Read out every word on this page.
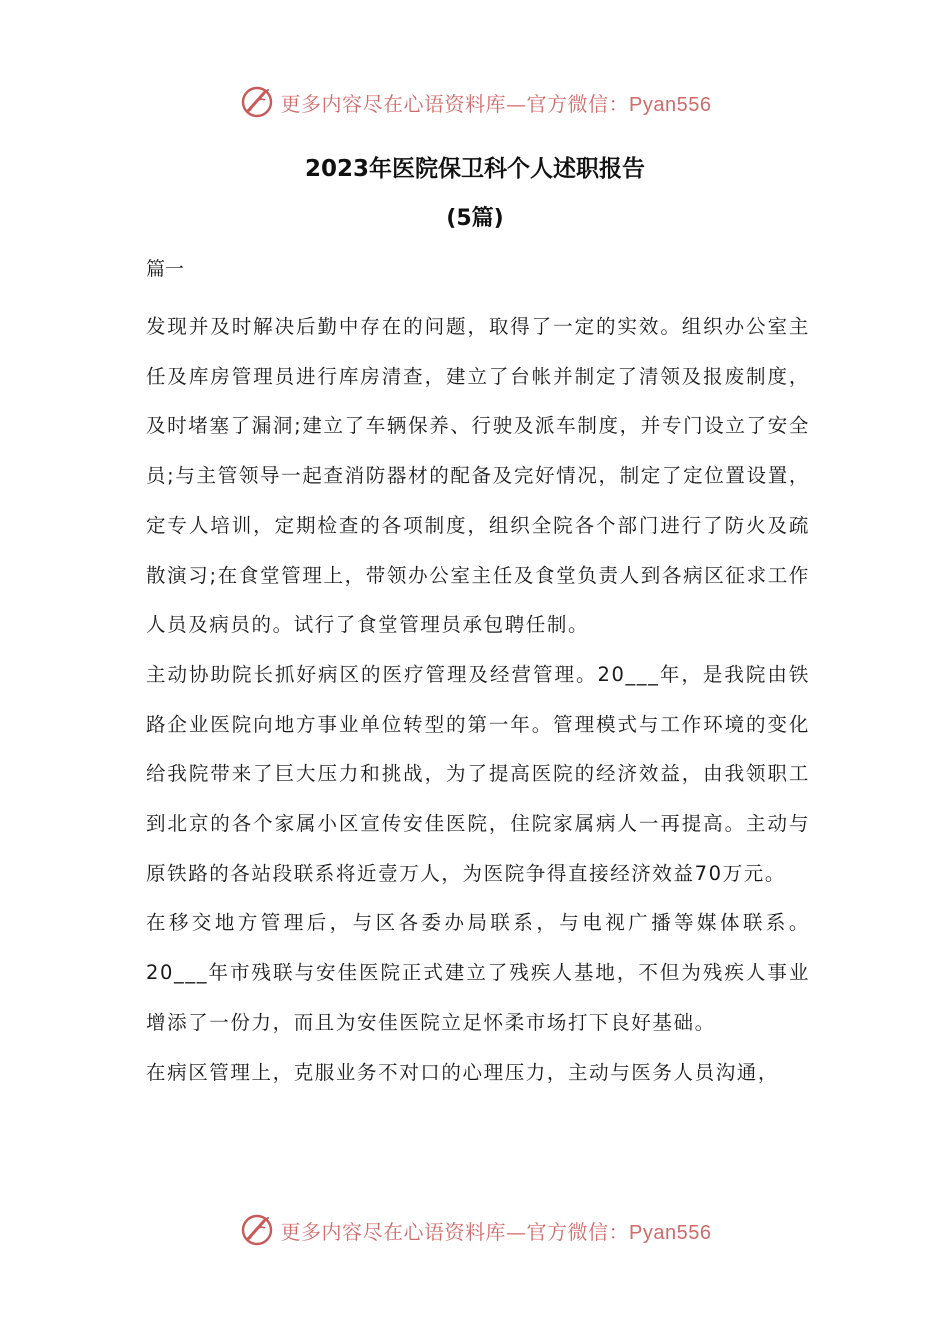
更多内容尽在心语资料库—官方微信：Pyan556
2023年医院保卫科个人述职报告
(5篇)
篇一

发现并及时解决后勤中存在的问题，取得了一定的实效。组织办公室主任及库房管理员进行库房清查，建立了台帐并制定了清领及报废制度，及时堵塞了漏洞;建立了车辆保养、行驶及派车制度，并专门设立了安全员;与主管领导一起查消防器材的配备及完好情况，制定了定位置设置，定专人培训，定期检查的各项制度，组织全院各个部门进行了防火及疏散演习;在食堂管理上，带领办公室主任及食堂负责人到各病区征求工作人员及病员的。试行了食堂管理员承包聘任制。

主动协助院长抓好病区的医疗管理及经营管理。20___年，是我院由铁路企业医院向地方事业单位转型的第一年。管理模式与工作环境的变化给我院带来了巨大压力和挑战，为了提高医院的经济效益，由我领职工到北京的各个家属小区宣传安佳医院，住院家属病人一再提高。主动与原铁路的各站段联系将近壹万人，为医院争得直接经济效益70万元。

在移交地方管理后，与区各委办局联系，与电视广播等媒体联系。20___年市残联与安佳医院正式建立了残疾人基地，不但为残疾人事业增添了一份力，而且为安佳医院立足怀柔市场打下良好基础。

在病区管理上，克服业务不对口的心理压力，主动与医务人员沟通，

更多内容尽在心语资料库—官方微信：Pyan556
